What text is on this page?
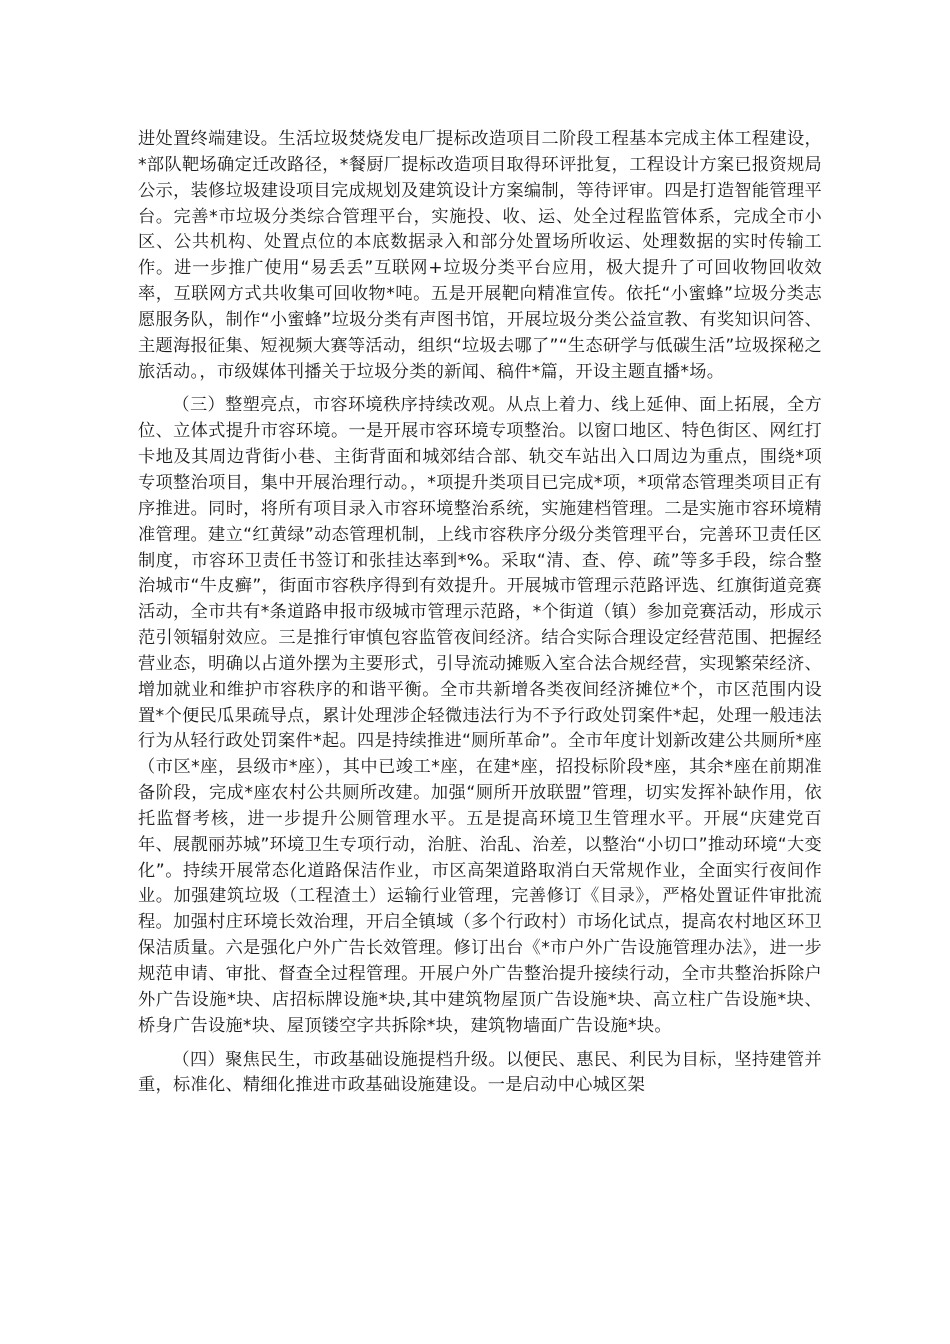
进处置终端建设。生活垃圾焚烧发电厂提标改造项目二阶段工程基本完成主体工程建设，*部队靶场确定迁改路径，*餐厨厂提标改造项目取得环评批复，工程设计方案已报资规局公示，装修垃圾建设项目完成规划及建筑设计方案编制，等待评审。四是打造智能管理平台。完善*市垃圾分类综合管理平台，实施投、收、运、处全过程监管体系，完成全市小区、公共机构、处置点位的本底数据录入和部分处置场所收运、处理数据的实时传输工作。进一步推广使用“易丢丢”互联网+垃圾分类平台应用，极大提升了可回收物回收效率，互联网方式共收集可回收物*吨。五是开展靶向精准宣传。依托“小蜜蜂”垃圾分类志愿服务队，制作“小蜜蜂”垃圾分类有声图书馆，开展垃圾分类公益宣教、有奖知识问答、主题海报征集、短视频大赛等活动，组织“垃圾去哪了”“生态研学与低碳生活”垃圾探秘之旅活动。，市级媒体刊播关于垃圾分类的新闻、稿件*篇，开设主题直播*场。

（三）整塑亮点，市容环境秩序持续改观。从点上着力、线上延伸、面上拓展，全方位、立体式提升市容环境。一是开展市容环境专项整治。以窗口地区、特色街区、网红打卡地及其周边背街小巷、主街背面和城郊结合部、轨交车站出入口周边为重点，围绕*项专项整治项目，集中开展治理行动。，*项提升类项目已完成*项，*项常态管理类项目正有序推进。同时，将所有项目录入市容环境整治系统，实施建档管理。二是实施市容环境精准管理。建立“红黄绿”动态管理机制，上线市容秩序分级分类管理平台，完善环卫责任区制度，市容环卫责任书签订和张挂达率到*%。采取“清、查、停、疏”等多手段，综合整治城市“牛皮癣”，街面市容秩序得到有效提升。开展城市管理示范路评选、红旗街道竞赛活动，全市共有*条道路申报市级城市管理示范路，*个街道（镇）参加竞赛活动，形成示范引领辐射效应。三是推行审慎包容监管夜间经济。结合实际合理设定经营范围、把握经营业态，明确以占道外摆为主要形式，引导流动摊贩入室合法合规经营，实现繁荣经济、增加就业和维护市容秩序的和谐平衡。全市共新增各类夜间经济摊位*个，市区范围内设置*个便民瓜果疏导点，累计处理涉企轻微违法行为不予行政处罚案件*起，处理一般违法行为从轻行政处罚案件*起。四是持续推进“厕所革命”。全市年度计划新改建公共厕所*座（市区*座，县级市*座），其中已竣工*座，在建*座，招投标阶段*座，其余*座在前期准备阶段，完成*座农村公共厕所改建。加强“厕所开放联盟”管理，切实发挥补缺作用，依托监督考核，进一步提升公厕管理水平。五是提高环境卫生管理水平。开展“庆建党百年、展靓丽苏城”环境卫生专项行动，治脏、治乱、治差，以整治“小切口”推动环境“大变化”。持续开展常态化道路保洁作业，市区高架道路取消白天常规作业，全面实行夜间作业。加强建筑垃圾（工程渣土）运输行业管理，完善修订《目录》，严格处置证件审批流程。加强村庄环境长效治理，开启全镇域（多个行政村）市场化试点，提高农村地区环卫保洁质量。六是强化户外广告长效管理。修订出台《*市户外广告设施管理办法》，进一步规范申请、审批、督查全过程管理。开展户外广告整治提升接续行动，全市共整治拆除户外广告设施*块、店招标牌设施*块,其中建筑物屋顶广告设施*块、高立柱广告设施*块、桥身广告设施*块、屋顶镂空字共拆除*块，建筑物墙面广告设施*块。

（四）聚焦民生，市政基础设施提档升级。以便民、惠民、利民为目标，坚持建管并重，标准化、精细化推进市政基础设施建设。一是启动中心城区架
